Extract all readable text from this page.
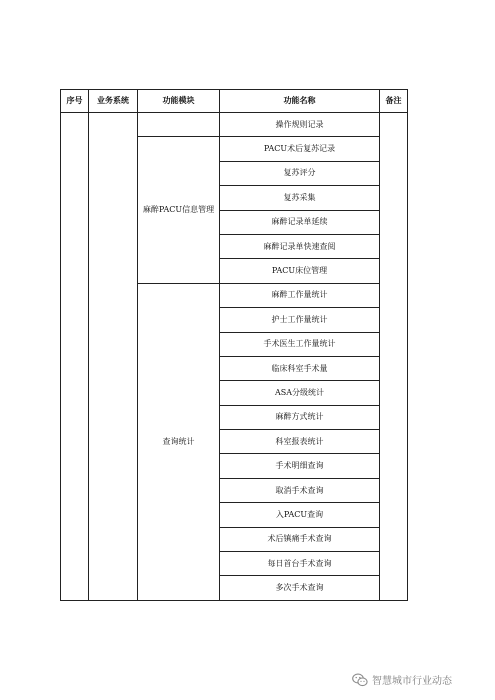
序号	业务系统	功能模块	功能名称	备注
			操作规则记录	
		麻醉PACU信息管理	PACU术后复苏记录	
			复苏评分	
			复苏采集	
			麻醉记录单延续	
			麻醉记录单快速查阅	
			PACU床位管理	
		查询统计	麻醉工作量统计	
			护士工作量统计	
			手术医生工作量统计	
			临床科室手术量	
			ASA分级统计	
			麻醉方式统计	
			科室报表统计	
			手术明细查询	
			取消手术查询	
			入PACU查询	
			术后镇痛手术查询	
			每日首台手术查询	
			多次手术查询	
智慧城市行业动态
